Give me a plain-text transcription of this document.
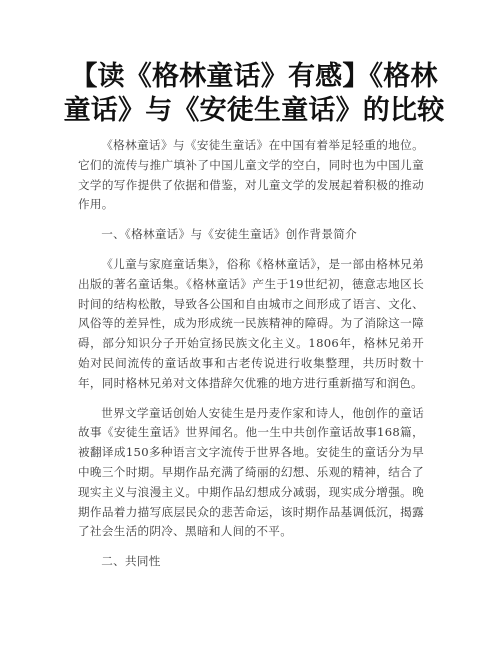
【读《格林童话》有感】《格林童话》与《安徒生童话》的比较

《格林童话》与《安徒生童话》在中国有着举足轻重的地位。它们的流传与推广填补了中国儿童文学的空白，同时也为中国儿童文学的写作提供了依据和借鉴，对儿童文学的发展起着积极的推动作用。

一、《格林童话》与《安徒生童话》创作背景简介

《儿童与家庭童话集》，俗称《格林童话》，是一部由格林兄弟出版的著名童话集。《格林童话》产生于19世纪初，德意志地区长时间的结构松散，导致各公国和自由城市之间形成了语言、文化、风俗等的差异性，成为形成统一民族精神的障碍。为了消除这一障碍，部分知识分子开始宣扬民族文化主义。1806年，格林兄弟开始对民间流传的童话故事和古老传说进行收集整理，共历时数十年，同时格林兄弟对文体措辞欠优雅的地方进行重新描写和润色。

世界文学童话创始人安徒生是丹麦作家和诗人，他创作的童话故事《安徒生童话》世界闻名。他一生中共创作童话故事168篇，被翻译成150多种语言文字流传于世界各地。安徒生的童话分为早中晚三个时期。早期作品充满了绮丽的幻想、乐观的精神，结合了现实主义与浪漫主义。中期作品幻想成分减弱，现实成分增强。晚期作品着力描写底层民众的悲苦命运，该时期作品基调低沉，揭露了社会生活的阴冷、黑暗和人间的不平。

二、共同性
